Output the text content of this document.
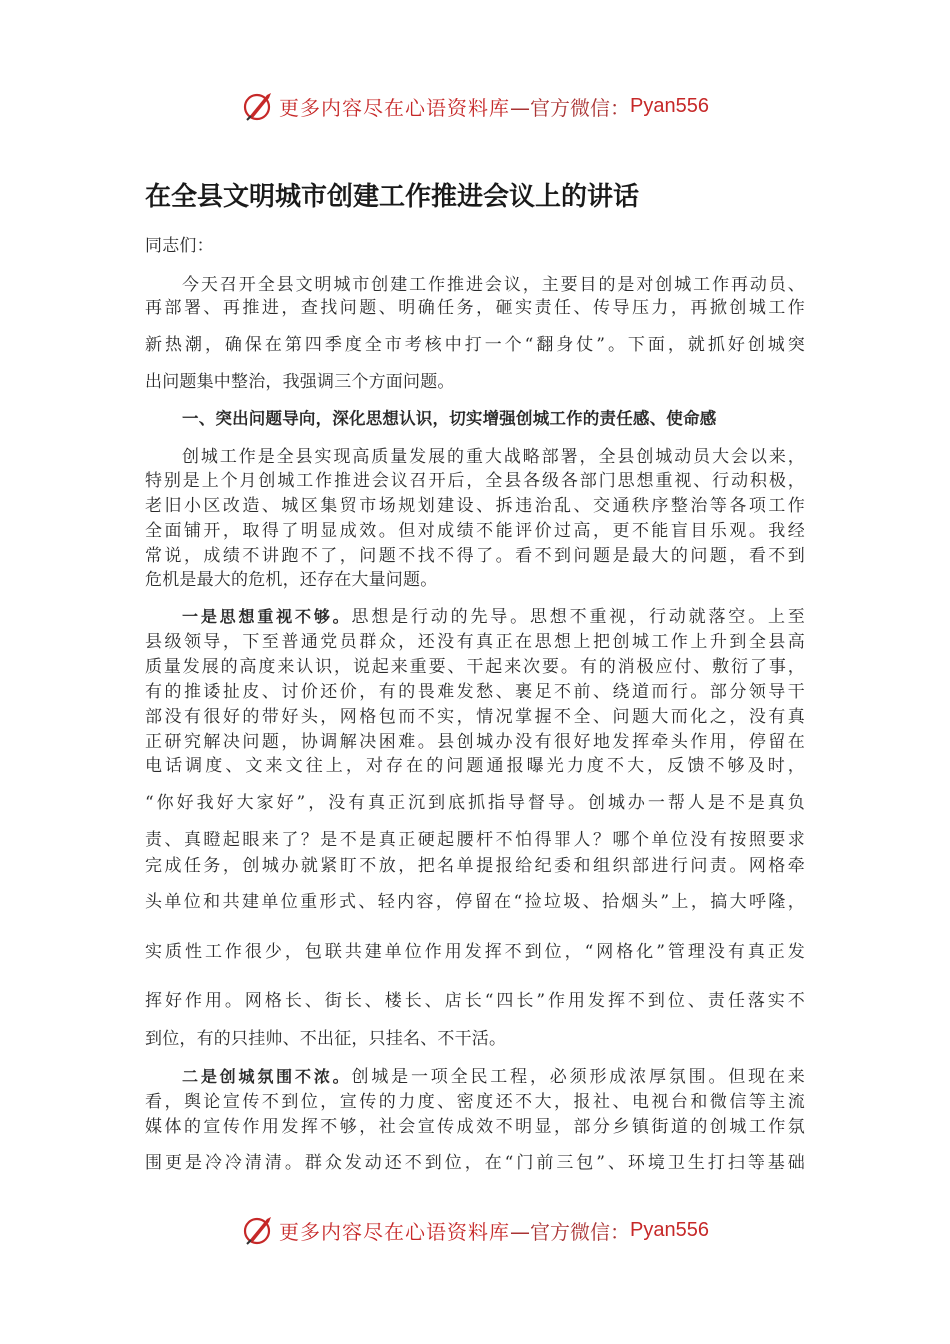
更多内容尽在心语资料库 —官方微信： Pyan556
在全县文明城市创建工作推进会议上的讲话
同志们：
今天召开全县文明城市创建工作推进会议，主要目的是对创城工作再动员、
再部署、再推进，查找问题、明确任务，砸实责任、传导压力，再掀创城工作
新热潮，确保在第四季度全市考核中打一个“翻身仗”。下面，就抓好创城突
出问题集中整治，我强调三个方面问题。
一、突出问题导向，深化思想认识，切实增强创城工作的责任感、使命感
创城工作是全县实现高质量发展的重大战略部署，全县创城动员大会以来，
特别是上个月创城工作推进会议召开后，全县各级各部门思想重视、行动积极，
老旧小区改造、城区集贸市场规划建设、拆违治乱、交通秩序整治等各项工作
全面铺开，取得了明显成效。但对成绩不能评价过高，更不能盲目乐观。我经
常说，成绩不讲跑不了，问题不找不得了。看不到问题是最大的问题，看不到
危机是最大的危机，还存在大量问题。
一是思想重视不够。思想是行动的先导。思想不重视，行动就落空。上至
县级领导，下至普通党员群众，还没有真正在思想上把创城工作上升到全县高
质量发展的高度来认识，说起来重要、干起来次要。有的消极应付、敷衍了事，
有的推诿扯皮、讨价还价，有的畏难发愁、裹足不前、绕道而行。部分领导干
部没有很好的带好头，网格包而不实，情况掌握不全、问题大而化之，没有真
正研究解决问题，协调解决困难。县创城办没有很好地发挥牵头作用，停留在
电话调度、文来文往上，对存在的问题通报曝光力度不大，反馈不够及时，
“你好我好大家好”，没有真正沉到底抓指导督导。创城办一帮人是不是真负
责、真瞪起眼来了？是不是真正硬起腰杆不怕得罪人？哪个单位没有按照要求
完成任务，创城办就紧盯不放，把名单提报给纪委和组织部进行问责。网格牵
头单位和共建单位重形式、轻内容，停留在“捡垃圾、拾烟头”上，搞大呼隆，
实质性工作很少，包联共建单位作用发挥不到位，“网格化”管理没有真正发
挥好作用。网格长、街长、楼长、店长“四长”作用发挥不到位、责任落实不
到位，有的只挂帅、不出征，只挂名、不干活。
二是创城氛围不浓。创城是一项全民工程，必须形成浓厚氛围。但现在来
看，舆论宣传不到位，宣传的力度、密度还不大，报社、电视台和微信等主流
媒体的宣传作用发挥不够，社会宣传成效不明显，部分乡镇街道的创城工作氛
围更是冷冷清清。群众发动还不到位，在“门前三包”、环境卫生打扫等基础
更多内容尽在心语资料库 —官方微信： Pyan556
